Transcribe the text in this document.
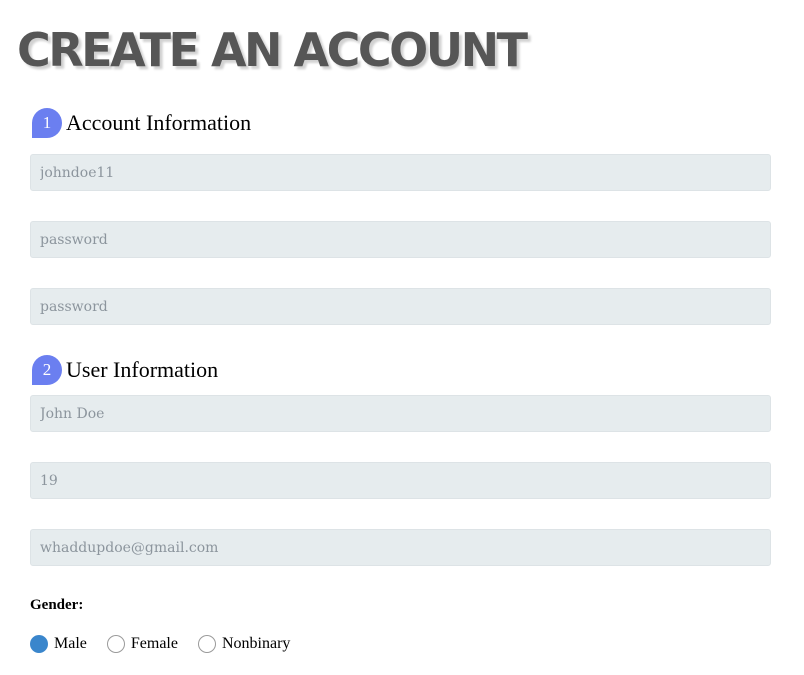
CREATE AN ACCOUNT
1 Account Information
johndoe11
2 User Information
John Doe
19
whaddupdoe@gmail.com
Gender:
Male	Female	Nonbinary
